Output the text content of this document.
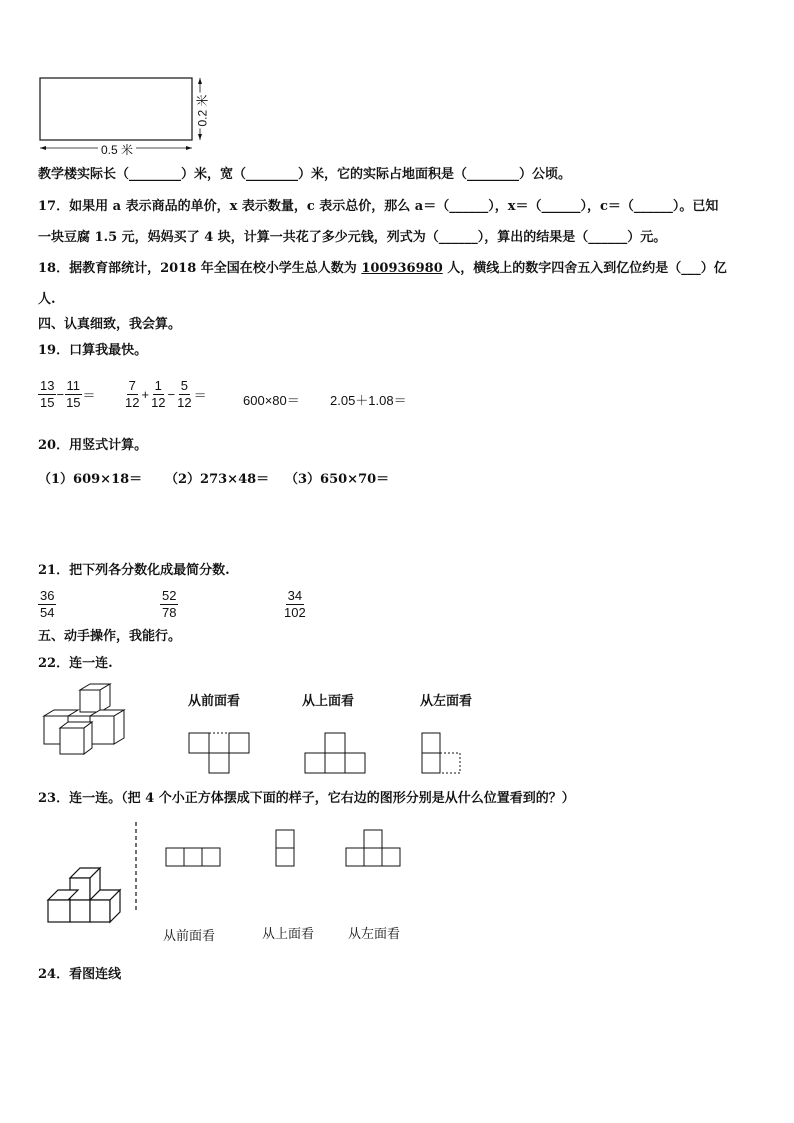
0.5 米
0.2 米
教学楼实际长（________）米，宽（________）米，它的实际占地面积是（________）公顷。
17．如果用 a 表示商品的单价，x 表示数量，c 表示总价，那么 a＝（______），x＝（______），c＝（______）。已知
一块豆腐 1.5 元，妈妈买了 4 块，计算一共花了多少元钱，列式为（______），算出的结果是（______）元。
18．据教育部统计，2018 年全国在校小学生总人数为 100936980 人，横线上的数字四舍五入到亿位约是（___）亿
人.
四、认真细致，我会算。
19．口算我最快。
$\frac{13}{15} - \frac{11}{15} = \frac{7}{12} + \frac{1}{12} - \frac{5}{12}$ ＝	600×80＝ 2.05＋1.08＝
20．用竖式计算。
（1）609×18＝ （2）273×48＝ （3）650×70＝
21．把下列各分数化成最简分数.
$\frac{36}{54}$	$\frac{52}{78}$	$\frac{34}{102}$
五、动手操作，我能行。
22．连一连.
从前面看	从上面看	从左面看
23．连一连。（把 4 个小正方体摆成下面的样子，它右边的图形分别是从什么位置看到的？）
从前面看	从上面看	从左面看
24．看图连线
